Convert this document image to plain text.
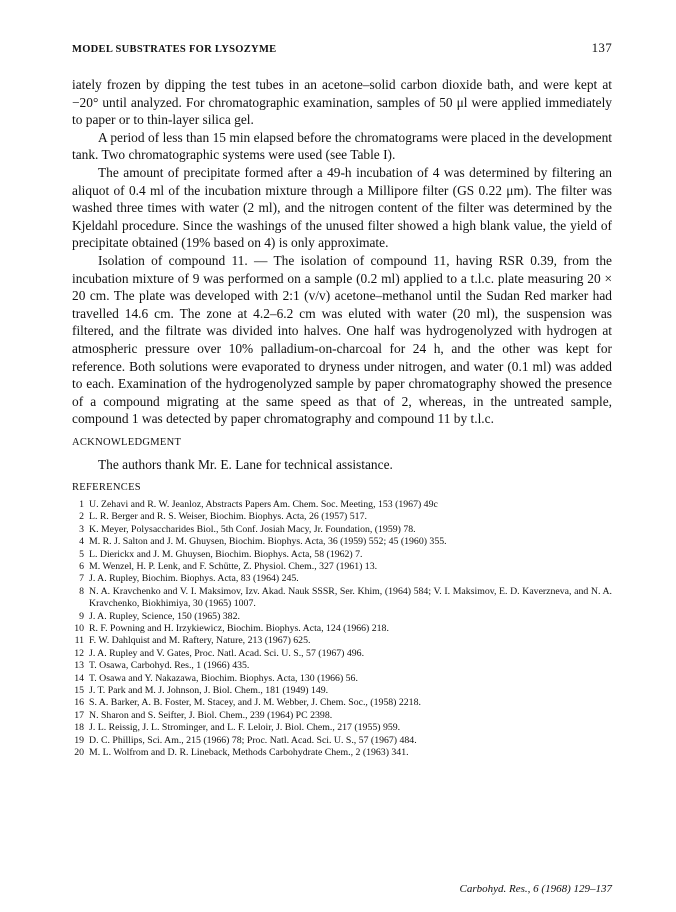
MODEL SUBSTRATES FOR LYSOZYME	137

iately frozen by dipping the test tubes in an acetone–solid carbon dioxide bath, and were kept at −20° until analyzed. For chromatographic examination, samples of 50 μl were applied immediately to paper or to thin-layer silica gel.

A period of less than 15 min elapsed before the chromatograms were placed in the development tank. Two chromatographic systems were used (see Table I).

The amount of precipitate formed after a 49-h incubation of 4 was determined by filtering an aliquot of 0.4 ml of the incubation mixture through a Millipore filter (GS 0.22 μm). The filter was washed three times with water (2 ml), and the nitrogen content of the filter was determined by the Kjeldahl procedure. Since the washings of the unused filter showed a high blank value, the yield of precipitate obtained (19% based on 4) is only approximate.

Isolation of compound 11. — The isolation of compound 11, having RSR 0.39, from the incubation mixture of 9 was performed on a sample (0.2 ml) applied to a t.l.c. plate measuring 20 × 20 cm. The plate was developed with 2:1 (v/v) acetone–methanol until the Sudan Red marker had travelled 14.6 cm. The zone at 4.2–6.2 cm was eluted with water (20 ml), the suspension was filtered, and the filtrate was divided into halves. One half was hydrogenolyzed with hydrogen at atmospheric pressure over 10% palladium-on-charcoal for 24 h, and the other was kept for reference. Both solutions were evaporated to dryness under nitrogen, and water (0.1 ml) was added to each. Examination of the hydrogenolyzed sample by paper chromatography showed the presence of a compound migrating at the same speed as that of 2, whereas, in the untreated sample, compound 1 was detected by paper chromatography and compound 11 by t.l.c.

ACKNOWLEDGMENT
The authors thank Mr. E. Lane for technical assistance.
REFERENCES
1 U. Zehavi and R. W. Jeanloz, Abstracts Papers Am. Chem. Soc. Meeting, 153 (1967) 49c
2 L. R. Berger and R. S. Weiser, Biochim. Biophys. Acta, 26 (1957) 517.
3 K. Meyer, Polysaccharides Biol., 5th Conf. Josiah Macy, Jr. Foundation, (1959) 78.
4 M. R. J. Salton and J. M. Ghuysen, Biochim. Biophys. Acta, 36 (1959) 552; 45 (1960) 355.
5 L. Dierickx and J. M. Ghuysen, Biochim. Biophys. Acta, 58 (1962) 7.
6 M. Wenzel, H. P. Lenk, and F. Schütte, Z. Physiol. Chem., 327 (1961) 13.
7 J. A. Rupley, Biochim. Biophys. Acta, 83 (1964) 245.
8 N. A. Kravchenko and V. I. Maksimov, Izv. Akad. Nauk SSSR, Ser. Khim, (1964) 584; V. I. Maksimov, E. D. Kaverzneva, and N. A. Kravchenko, Biokhimiya, 30 (1965) 1007.
9 J. A. Rupley, Science, 150 (1965) 382.
10 R. F. Powning and H. Irzykiewicz, Biochim. Biophys. Acta, 124 (1966) 218.
11 F. W. Dahlquist and M. Raftery, Nature, 213 (1967) 625.
12 J. A. Rupley and V. Gates, Proc. Natl. Acad. Sci. U. S., 57 (1967) 496.
13 T. Osawa, Carbohyd. Res., 1 (1966) 435.
14 T. Osawa and Y. Nakazawa, Biochim. Biophys. Acta, 130 (1966) 56.
15 J. T. Park and M. J. Johnson, J. Biol. Chem., 181 (1949) 149.
16 S. A. Barker, A. B. Foster, M. Stacey, and J. M. Webber, J. Chem. Soc., (1958) 2218.
17 N. Sharon and S. Seifter, J. Biol. Chem., 239 (1964) PC 2398.
18 J. L. Reissig, J. L. Strominger, and L. F. Leloir, J. Biol. Chem., 217 (1955) 959.
19 D. C. Phillips, Sci. Am., 215 (1966) 78; Proc. Natl. Acad. Sci. U. S., 57 (1967) 484.
20 M. L. Wolfrom and D. R. Lineback, Methods Carbohydrate Chem., 2 (1963) 341.
Carbohyd. Res., 6 (1968) 129–137
